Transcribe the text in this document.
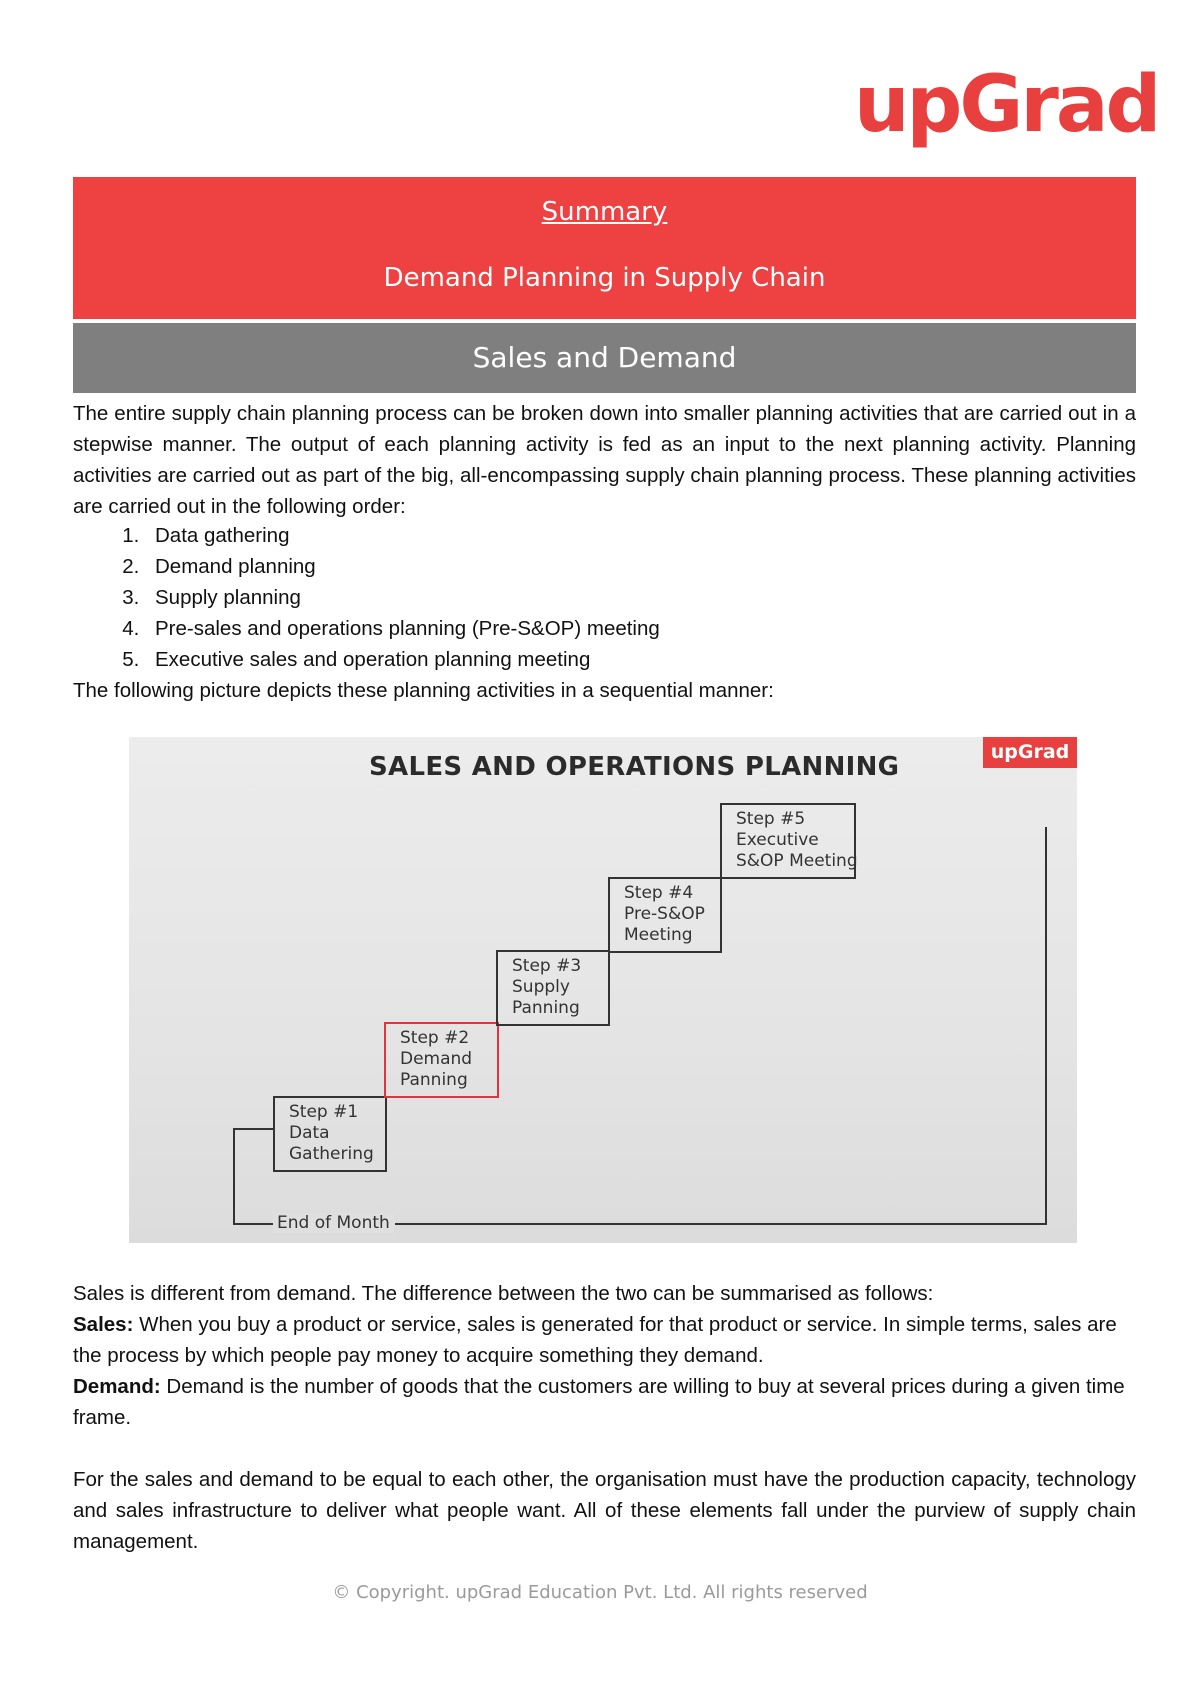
upGrad
Summary
Demand Planning in Supply Chain
Sales and Demand
The entire supply chain planning process can be broken down into smaller planning activities that are carried out in a stepwise manner. The output of each planning activity is fed as an input to the next planning activity. Planning activities are carried out as part of the big, all-encompassing supply chain planning process. These planning activities are carried out in the following order:
1. Data gathering
2. Demand planning
3. Supply planning
4. Pre-sales and operations planning (Pre-S&OP) meeting
5. Executive sales and operation planning meeting
The following picture depicts these planning activities in a sequential manner:
SALES AND OPERATIONS PLANNING	upGrad
Step #1
Data
Gathering
Step #2
Demand
Panning
Step #3
Supply
Panning
Step #4
Pre-S&OP
Meeting
Step #5
Executive
S&OP Meeting
End of Month
Sales is different from demand. The difference between the two can be summarised as follows:
Sales: When you buy a product or service, sales is generated for that product or service. In simple terms, sales are the process by which people pay money to acquire something they demand.
Demand: Demand is the number of goods that the customers are willing to buy at several prices during a given time frame.
For the sales and demand to be equal to each other, the organisation must have the production capacity, technology and sales infrastructure to deliver what people want. All of these elements fall under the purview of supply chain management.
© Copyright. upGrad Education Pvt. Ltd. All rights reserved
